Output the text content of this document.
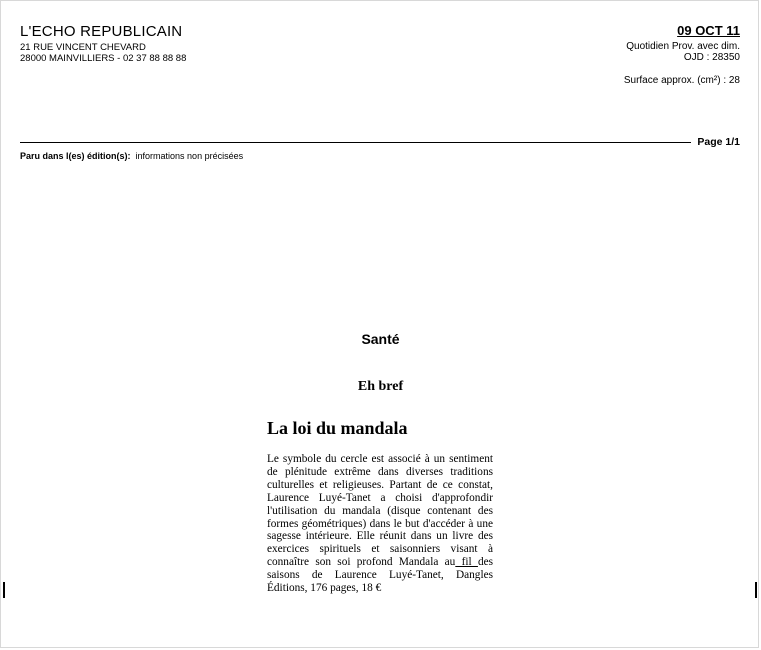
L'ECHO REPUBLICAIN
21 RUE VINCENT CHEVARD
28000 MAINVILLIERS - 02 37 88 88 88
09 OCT 11
Quotidien Prov. avec dim.
OJD : 28350
Surface approx. (cm²) : 28
Page 1/1
Paru dans l(es) édition(s): informations non précisées
Santé
Eh bref
La loi du mandala
Le symbole du cercle est associé à un sentiment de plénitude extrême dans diverses traditions culturelles et religieuses. Partant de ce constat, Laurence Luyé-Tanet a choisi d'approfondir l'utilisation du mandala (disque contenant des formes géométriques) dans le but d'accéder à une sagesse intérieure. Elle réunit dans un livre des exercices spirituels et saisonniers visant à connaître son soi profond Mandala au fil des saisons de Laurence Luyé-Tanet, Dangles Éditions, 176 pages, 18 €
